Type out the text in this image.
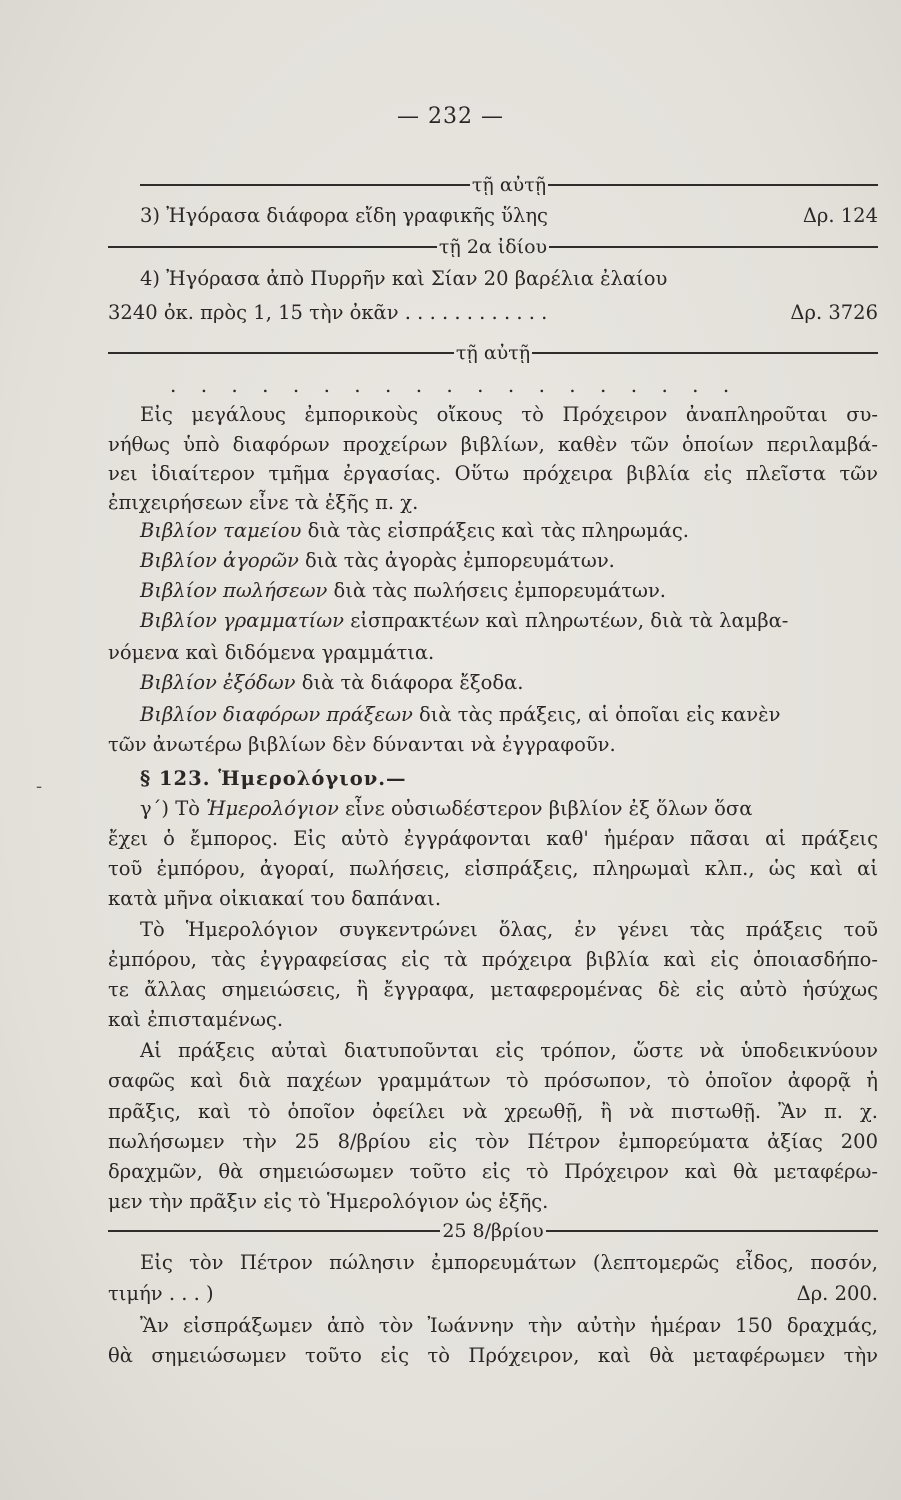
— 232 —
τῇ αὐτῇ
3) Ἠγόρασα διάφορα εἴδη γραφικῆς ὕλης	Δρ. 124
τῇ 2α ἰδίου
4) Ἠγόρασα ἀπὸ Πυρρῆν καὶ Σίαν 20 βαρέλια ἐλαίου
3240 ὀκ. πρὸς 1, 15 τὴν ὀκᾶν . . . . . . . . . . . .	Δρ. 3726
τῇ αὐτῇ
. . . . . . . . . . . . . . . . . . .
Εἰς μεγάλους ἐμπορικοὺς οἴκους τὸ Πρόχειρον ἀναπληροῦται συ-
νήθως ὑπὸ διαφόρων προχείρων βιβλίων, καθὲν τῶν ὁποίων περιλαμβά-
νει ἰδιαίτερον τμῆμα ἐργασίας. Οὕτω πρόχειρα βιβλία εἰς πλεῖστα τῶν
ἐπιχειρήσεων εἶνε τὰ ἑξῆς π. χ.
Βιβλίον ταμείου διὰ τὰς εἰσπράξεις καὶ τὰς πληρωμάς.
Βιβλίον ἀγορῶν διὰ τὰς ἀγορὰς ἐμπορευμάτων.
Βιβλίον πωλήσεων διὰ τὰς πωλήσεις ἐμπορευμάτων.
Βιβλίον γραμματίων εἰσπρακτέων καὶ πληρωτέων, διὰ τὰ λαμβα-
νόμενα καὶ διδόμενα γραμμάτια.
Βιβλίον ἐξόδων διὰ τὰ διάφορα ἔξοδα.
Βιβλίον διαφόρων πράξεων διὰ τὰς πράξεις, αἱ ὁποῖαι εἰς κανὲν
τῶν ἀνωτέρω βιβλίων δὲν δύνανται νὰ ἐγγραφοῦν.
-	§ 123. Ἡμερολόγιον.—
γ΄) Τὸ Ἡμερολόγιον εἶνε οὐσιωδέστερον βιβλίον ἐξ ὅλων ὅσα
ἔχει ὁ ἔμπορος. Εἰς αὐτὸ ἐγγράφονται καθ' ἡμέραν πᾶσαι αἱ πράξεις
τοῦ ἐμπόρου, ἀγοραί, πωλήσεις, εἰσπράξεις, πληρωμαὶ κλπ., ὡς καὶ αἱ
κατὰ μῆνα οἰκιακαί του δαπάναι.
Τὸ Ἡμερολόγιον συγκεντρώνει ὅλας, ἐν γένει τὰς πράξεις τοῦ
ἐμπόρου, τὰς ἐγγραφείσας εἰς τὰ πρόχειρα βιβλία καὶ εἰς ὁποιασδήπο-
τε ἄλλας σημειώσεις, ἢ ἔγγραφα, μεταφερομένας δὲ εἰς αὐτὸ ἡσύχως
καὶ ἐπισταμένως.
Αἱ πράξεις αὐταὶ διατυποῦνται εἰς τρόπον, ὥστε νὰ ὑποδεικνύουν
σαφῶς καὶ διὰ παχέων γραμμάτων τὸ πρόσωπον, τὸ ὁποῖον ἀφορᾷ ἡ
πρᾶξις, καὶ τὸ ὁποῖον ὀφείλει νὰ χρεωθῇ, ἢ νὰ πιστωθῇ. Ἂν π. χ.
πωλήσωμεν τὴν 25 8/βρίου εἰς τὸν Πέτρον ἐμπορεύματα ἀξίας 200
δραχμῶν, θὰ σημειώσωμεν τοῦτο εἰς τὸ Πρόχειρον καὶ θὰ μεταφέρω-
μεν τὴν πρᾶξιν εἰς τὸ Ἡμερολόγιον ὡς ἑξῆς.
25 8/βρίου
Εἰς τὸν Πέτρον πώλησιν ἐμπορευμάτων (λεπτομερῶς εἶδος, ποσόν,
τιμήν . . . )	Δρ. 200.
Ἂν εἰσπράξωμεν ἀπὸ τὸν Ἰωάννην τὴν αὐτὴν ἡμέραν 150 δραχμάς,
θὰ σημειώσωμεν τοῦτο εἰς τὸ Πρόχειρον, καὶ θὰ μεταφέρωμεν τὴν
